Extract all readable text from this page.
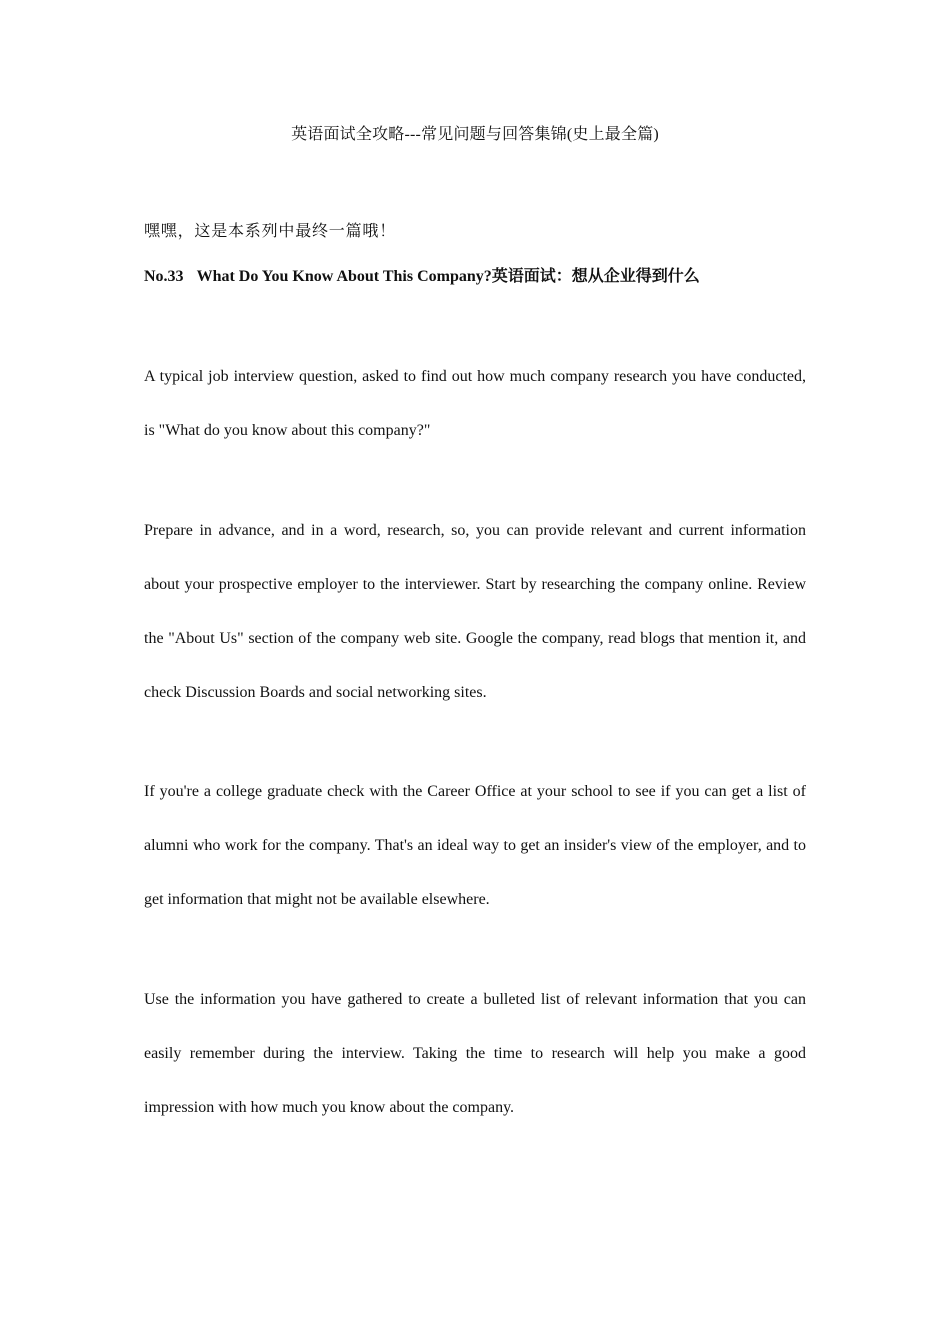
英语面试全攻略---常见问题与回答集锦(史上最全篇)
嘿嘿，这是本系列中最终一篇哦！
No.33 What Do You Know About This Company?英语面试：想从企业得到什么

A typical job interview question, asked to find out how much company research you have conducted, is "What do you know about this company?"

Prepare in advance, and in a word, research, so, you can provide relevant and current information about your prospective employer to the interviewer. Start by researching the company online. Review the "About Us" section of the company web site. Google the company, read blogs that mention it, and check Discussion Boards and social networking sites.

If you're a college graduate check with the Career Office at your school to see if you can get a list of alumni who work for the company. That's an ideal way to get an insider's view of the employer, and to get information that might not be available elsewhere.

Use the information you have gathered to create a bulleted list of relevant information that you can easily remember during the interview. Taking the time to research will help you make a good impression with how much you know about the company.
